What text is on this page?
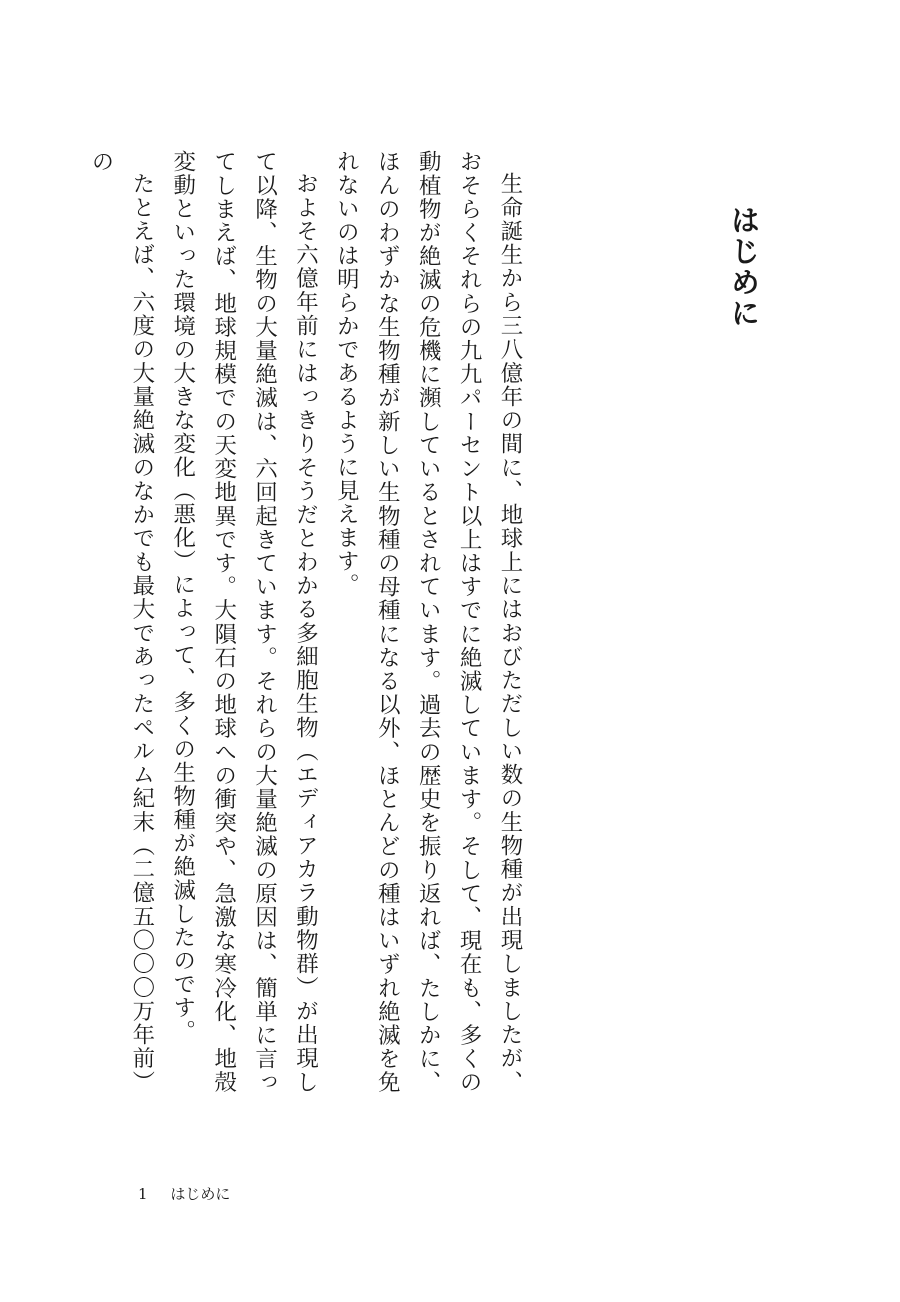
はじめに

生命誕生から三八億年の間に、地球上にはおびただしい数の生物種が出現しましたが、おそらくそれらの九九パーセント以上はすでに絶滅しています。そして、現在も、多くの動植物が絶滅の危機に瀕しているとされています。過去の歴史を振り返れば、たしかに、ほんのわずかな生物種が新しい生物種の母種になる以外、ほとんどの種はいずれ絶滅を免れないのは明らかであるように見えます。

およそ六億年前にはっきりそうだとわかる多細胞生物（エディアカラ動物群）が出現して以降、生物の大量絶滅は、六回起きています。それらの大量絶滅の原因は、簡単に言ってしまえば、地球規模での天変地異です。大隕石の地球への衝突や、急激な寒冷化、地殻変動といった環境の大きな変化（悪化）によって、多くの生物種が絶滅したのです。

たとえば、六度の大量絶滅のなかでも最大であったペルム紀末（二億五〇〇〇万年前）の

1 はじめに
